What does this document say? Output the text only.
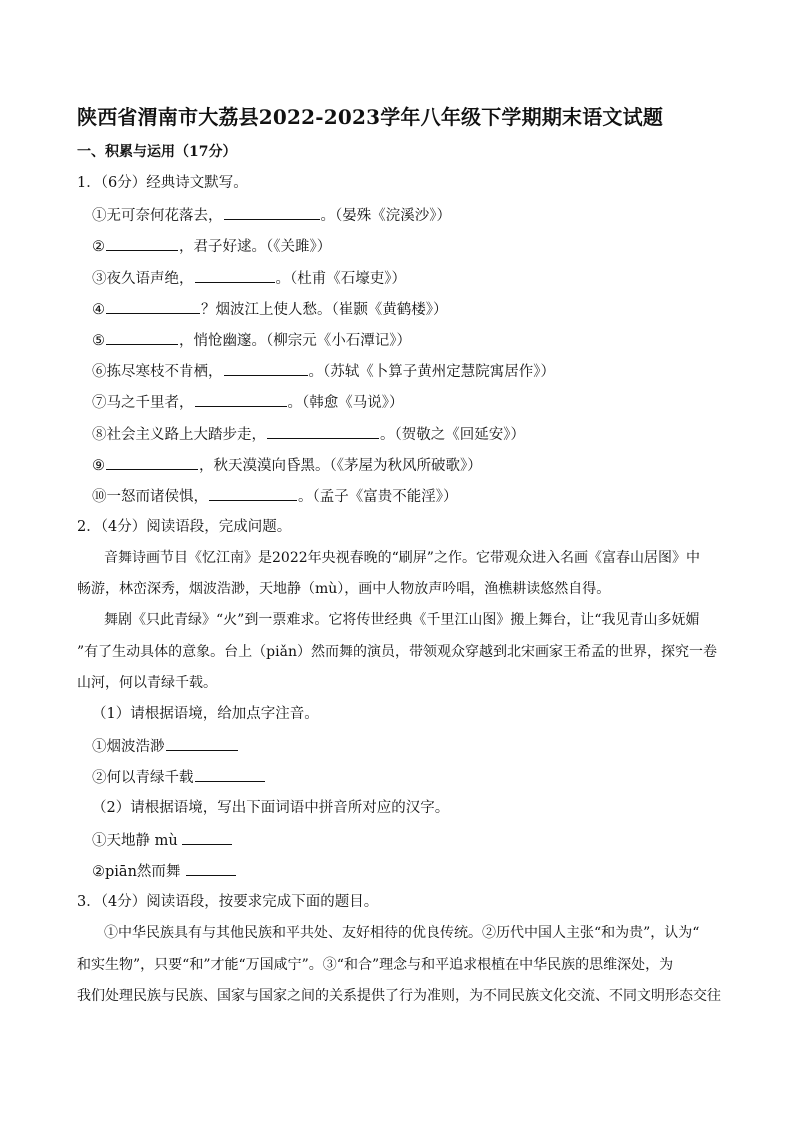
陕西省渭南市大荔县2022-2023学年八年级下学期期末语文试题
一、积累与运用（17分）
1．（6分）经典诗文默写。
①无可奈何花落去，	。（晏殊《浣溪沙》）
②	，君子好逑。（《关雎》）
③夜久语声绝，	。（杜甫《石壕吏》）
④	？烟波江上使人愁。（崔颢《黄鹤楼》）
⑤	，悄怆幽邃。（柳宗元《小石潭记》）
⑥拣尽寒枝不肯栖，	。（苏轼《卜算子黄州定慧院寓居作》）
⑦马之千里者，	。（韩愈《马说》）
⑧社会主义路上大踏步走，	。（贺敬之《回延安》）
⑨	，秋天漠漠向昏黑。（《茅屋为秋风所破歌》）
⑩一怒而诸侯惧，	。（孟子《富贵不能淫》）
2．（4分）阅读语段，完成问题。
音舞诗画节目《忆江南》是2022年央视春晚的“刷屏”之作。它带观众进入名画《富春山居图》中
畅游，林峦深秀，烟波浩渺，天地静（mù），画中人物放声吟唱，渔樵耕读悠然自得。
舞剧《只此青绿》“火”到一票难求。它将传世经典《千里江山图》搬上舞台，让“我见青山多妩媚
”有了生动具体的意象。台上（piǎn）然而舞的演员，带领观众穿越到北宋画家王希孟的世界，探究一卷
山河，何以青绿千载。
（1）请根据语境，给加点字注音。
①烟波浩渺
②何以青绿千载
（2）请根据语境，写出下面词语中拼音所对应的汉字。
①天地静 mù
②piān然而舞
3．（4分）阅读语段，按要求完成下面的题目。
①中华民族具有与其他民族和平共处、友好相待的优良传统。②历代中国人主张“和为贵”，认为“
和实生物”，只要“和”才能“万国咸宁”。③“和合”理念与和平追求根植在中华民族的思维深处，为
我们处理民族与民族、国家与国家之间的关系提供了行为准则，为不同民族文化交流、不同文明形态交往
